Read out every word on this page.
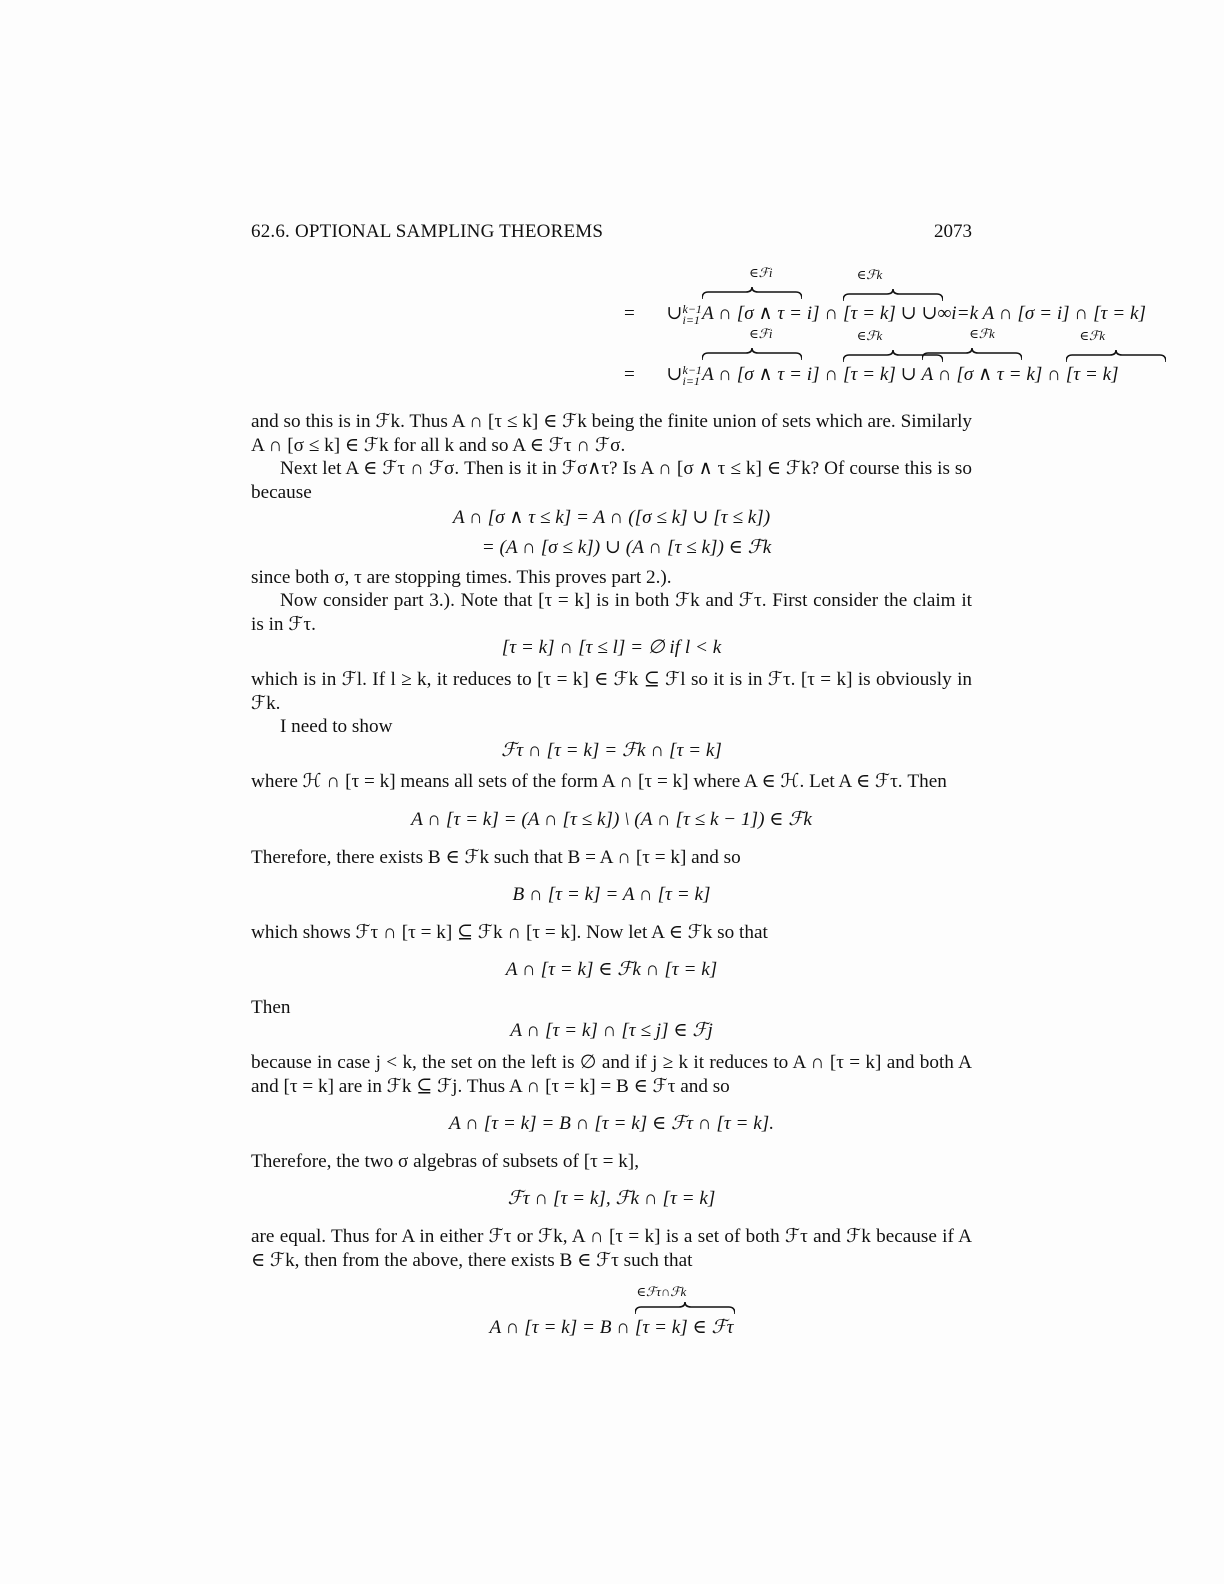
62.6. OPTIONAL SAMPLING THEOREMS	2073
= ∪k−1
i=1 A ∩ [σ ∧ τ = i]
∈ℱi
∩ [τ = k]
∈ℱk
∪ ∪∞i=k A ∩ [σ = i] ∩ [τ = k]
= ∪k−1
i=1 A ∩ [σ ∧ τ = i]
∈ℱi
∩ [τ = k]
∈ℱk
∪ A ∩ [σ ∧ τ = k]
∈ℱk
∩ [τ = k]
∈ℱk

and so this is in ℱk. Thus A ∩ [τ ≤ k] ∈ ℱk being the finite union of sets which are. Similarly A ∩ [σ ≤ k] ∈ ℱk for all k and so A ∈ ℱτ ∩ ℱσ.

Next let A ∈ ℱτ ∩ ℱσ. Then is it in ℱσ∧τ? Is A ∩ [σ ∧ τ ≤ k] ∈ ℱk? Of course this is so because

A ∩ [σ ∧ τ ≤ k] = A ∩ ([σ ≤ k] ∪ [τ ≤ k])

= (A ∩ [σ ≤ k]) ∪ (A ∩ [τ ≤ k]) ∈ ℱk

since both σ, τ are stopping times. This proves part 2.).

Now consider part 3.). Note that [τ = k] is in both ℱk and ℱτ. First consider the claim it is in ℱτ.

[τ = k] ∩ [τ ≤ l] = ∅ if l < k

which is in ℱl. If l ≥ k, it reduces to [τ = k] ∈ ℱk ⊆ ℱl so it is in ℱτ. [τ = k] is obviously in ℱk.

I need to show

ℱτ ∩ [τ = k] = ℱk ∩ [τ = k]

where ℋ ∩ [τ = k] means all sets of the form A ∩ [τ = k] where A ∈ ℋ. Let A ∈ ℱτ. Then

A ∩ [τ = k] = (A ∩ [τ ≤ k]) \ (A ∩ [τ ≤ k − 1]) ∈ ℱk

Therefore, there exists B ∈ ℱk such that B = A ∩ [τ = k] and so

B ∩ [τ = k] = A ∩ [τ = k]

which shows ℱτ ∩ [τ = k] ⊆ ℱk ∩ [τ = k]. Now let A ∈ ℱk so that

A ∩ [τ = k] ∈ ℱk ∩ [τ = k]

Then

A ∩ [τ = k] ∩ [τ ≤ j] ∈ ℱj

because in case j < k, the set on the left is ∅ and if j ≥ k it reduces to A ∩ [τ = k] and both A and [τ = k] are in ℱk ⊆ ℱj. Thus A ∩ [τ = k] = B ∈ ℱτ and so

A ∩ [τ = k] = B ∩ [τ = k] ∈ ℱτ ∩ [τ = k].

Therefore, the two σ algebras of subsets of [τ = k],

ℱτ ∩ [τ = k], ℱk ∩ [τ = k]

are equal. Thus for A in either ℱτ or ℱk, A ∩ [τ = k] is a set of both ℱτ and ℱk because if A ∈ ℱk, then from the above, there exists B ∈ ℱτ such that

A ∩ [τ = k] = B ∩ [τ = k]
∈ℱτ∩ℱk
∈ ℱτ
